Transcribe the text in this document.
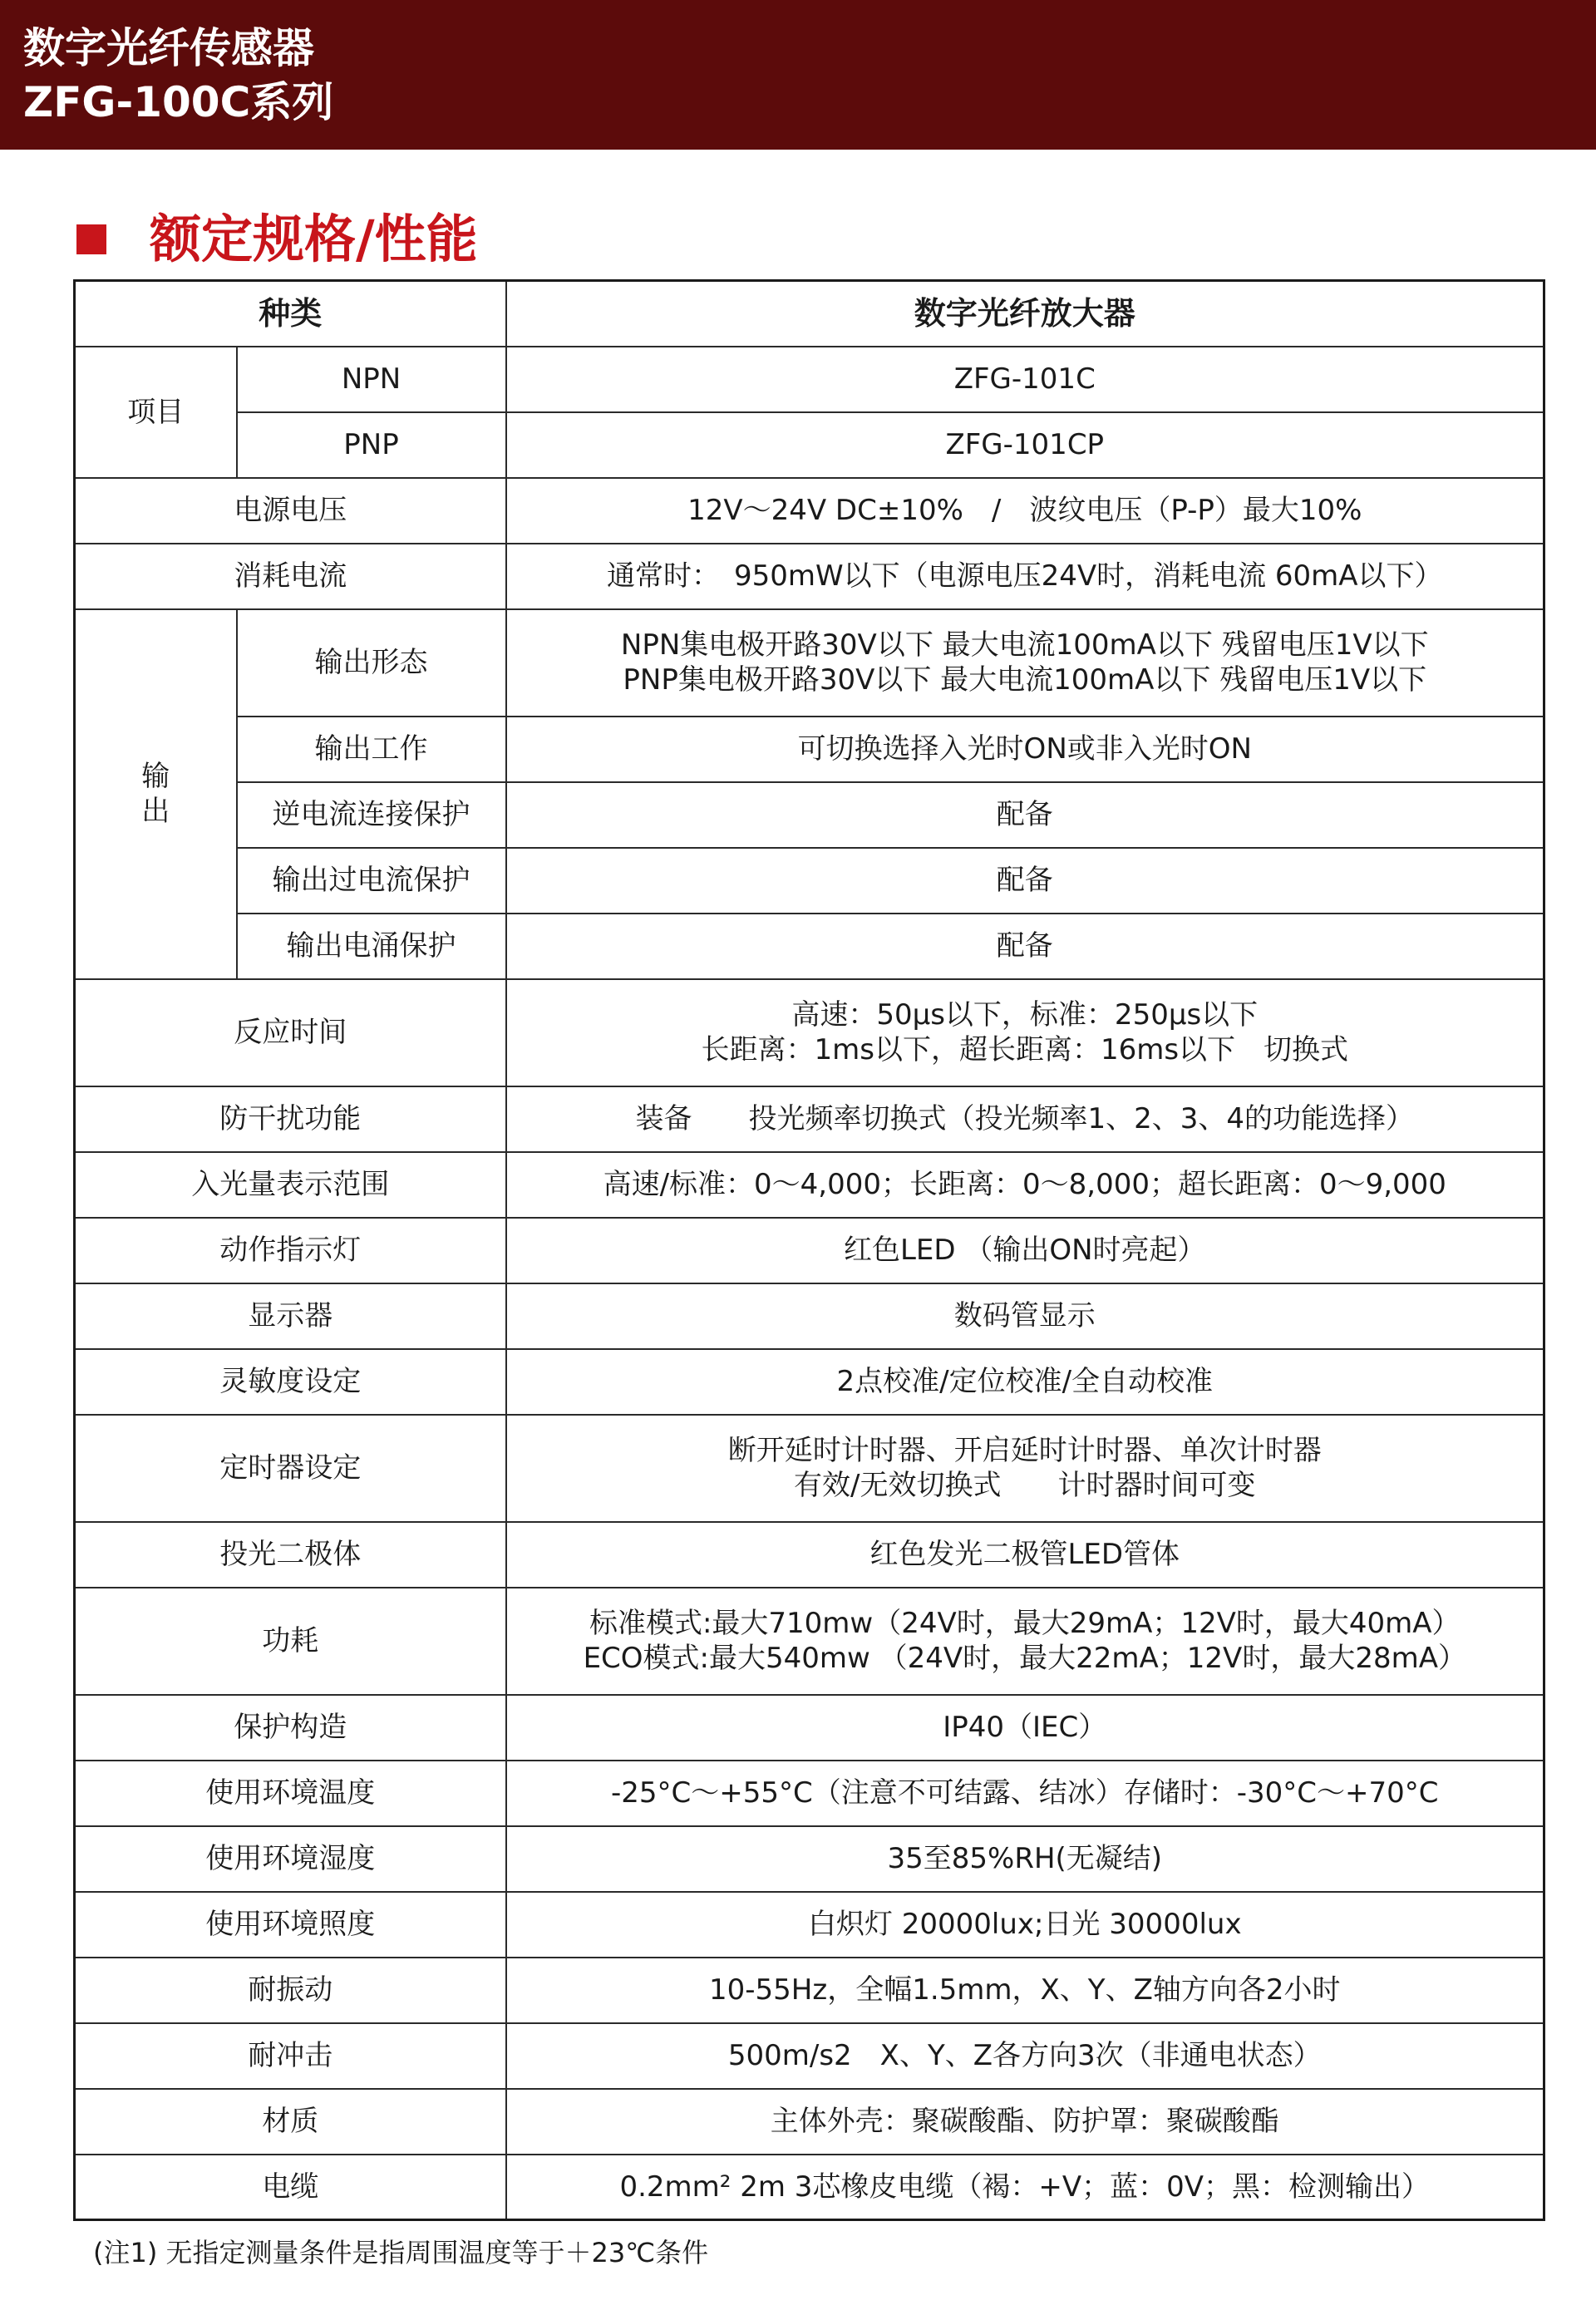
数字光纤传感器
ZFG-100C系列
额定规格/性能
种类		数字光纤放大器
项目	NPN	ZFG-101C
	PNP	ZFG-101CP
电源电压		12V～24V DC±10%　/　波纹电压（P-P）最大10%
消耗电流		通常时：　950mW以下（电源电压24V时，消耗电流 60mA以下）

输
出	输出形态	NPN集电极开路30V以下 最大电流100mA以下 残留电压1V以下
PNP集电极开路30V以下 最大电流100mA以下 残留电压1V以下

	输出工作	可切换选择入光时ON或非入光时ON
	逆电流连接保护	配备
	输出过电流保护	配备
	输出电涌保护	配备
反应时间		高速：50μs以下，标准：250μs以下
长距离：1ms以下，超长距离：16ms以下　切换式

防干扰功能		装备　　投光频率切换式（投光频率1、2、3、4的功能选择）
入光量表示范围		高速/标准：0～4,000；长距离：0～8,000；超长距离：0～9,000
动作指示灯		红色LED （输出ON时亮起）
显示器		数码管显示
灵敏度设定		2点校准/定位校准/全自动校准
定时器设定		断开延时计时器、开启延时计时器、单次计时器
有效/无效切换式　　计时器时间可变

投光二极体		红色发光二极管LED管体
功耗		标准模式:最大710mw（24V时，最大29mA；12V时，最大40mA）
ECO模式:最大540mw （24V时，最大22mA；12V时，最大28mA）

保护构造		IP40（IEC）
使用环境温度		-25°C～+55°C（注意不可结露、结冰）存储时：-30°C～+70°C
使用环境湿度		35至85%RH(无凝结)
使用环境照度		白炽灯 20000lux;日光 30000lux
耐振动		10-55Hz，全幅1.5mm，X、Y、Z轴方向各2小时
耐冲击		500m/s2　X、Y、Z各方向3次（非通电状态）
材质		主体外壳：聚碳酸酯、防护罩：聚碳酸酯
电缆		0.2mm² 2m 3芯橡皮电缆（褐：+V；蓝：0V；黑：检测输出）
(注1) 无指定测量条件是指周围温度等于＋23℃条件
